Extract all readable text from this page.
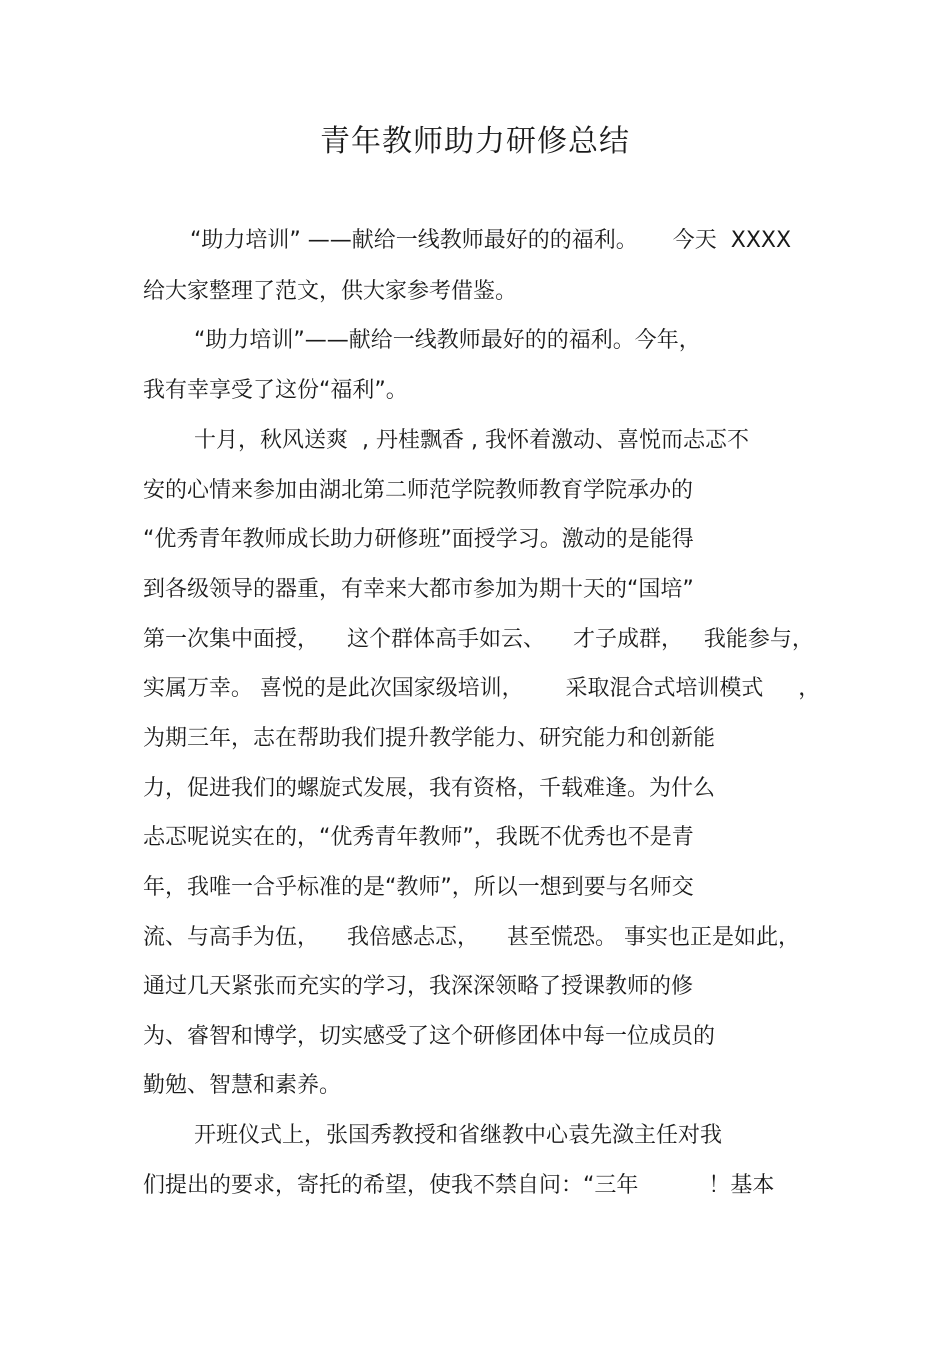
青年教师助力研修总结
“助力培训” ——献给一线教师最好的的福利。     今天  XXXX
给大家整理了范文，供大家参考借鉴。
“助力培训”——献给一线教师最好的的福利。今年，
我有幸享受了这份“福利”。
十月，秋风送爽  , 丹桂飘香 , 我怀着激动、喜悦而忐忑不
安的心情来参加由湖北第二师范学院教师教育学院承办的
“优秀青年教师成长助力研修班”面授学习。激动的是能得
到各级领导的器重，有幸来大都市参加为期十天的“国培”
第一次集中面授，    这个群体高手如云、    才子成群，   我能参与，
实属万幸。 喜悦的是此次国家级培训，      采取混合式培训模式     ，
为期三年，志在帮助我们提升教学能力、研究能力和创新能
力，促进我们的螺旋式发展，我有资格，千载难逢。为什么
忐忑呢说实在的，“优秀青年教师”，我既不优秀也不是青
年，我唯一合乎标准的是“教师”，所以一想到要与名师交
流、与高手为伍，    我倍感忐忑，    甚至慌恐。 事实也正是如此，
通过几天紧张而充实的学习，我深深领略了授课教师的修
为、睿智和博学，切实感受了这个研修团体中每一位成员的
勤勉、智慧和素养。
开班仪式上，张国秀教授和省继教中心袁先潋主任对我
们提出的要求，寄托的希望，使我不禁自问：“三年          ！基本
